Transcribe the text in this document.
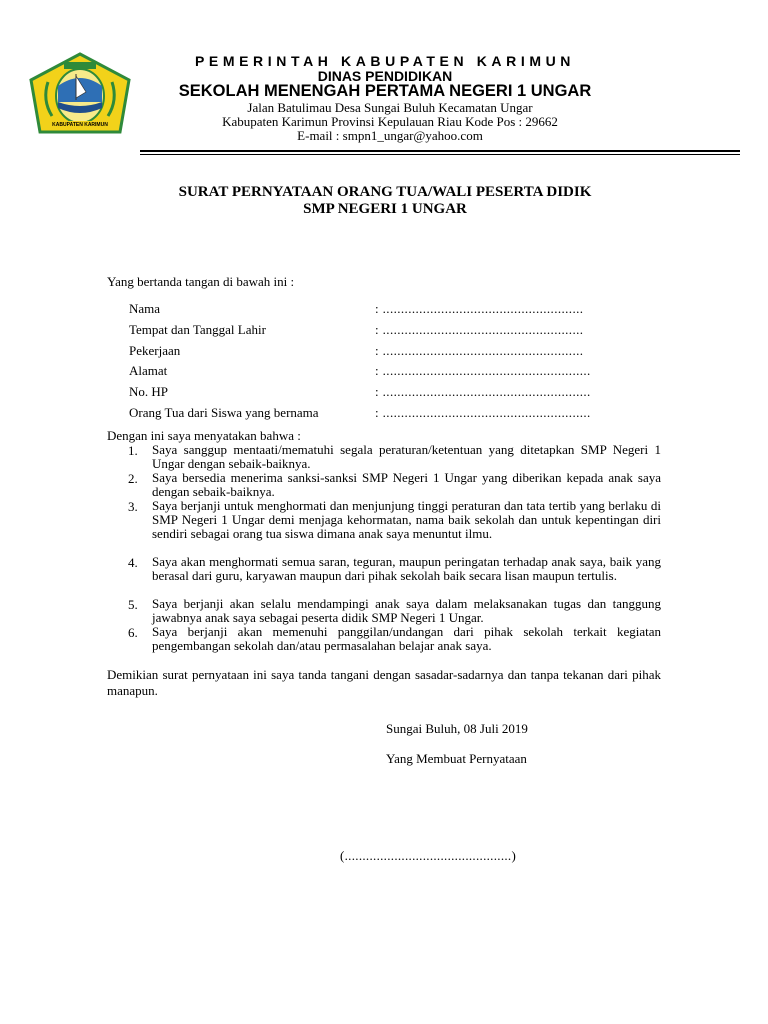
KABUPATEN KARIMUN
PEMERINTAH KABUPATEN KARIMUN
DINAS PENDIDIKAN
SEKOLAH MENENGAH PERTAMA NEGERI 1 UNGAR
Jalan Batulimau Desa Sungai Buluh Kecamatan Ungar
Kabupaten Karimun Provinsi Kepulauan Riau Kode Pos : 29662
E-mail : smpn1_ungar@yahoo.com
SURAT PERNYATAAN ORANG TUA/WALI PESERTA DIDIK
SMP NEGERI 1 UNGAR
Yang bertanda tangan di bawah ini :
Nama	: .......................................................
Tempat dan Tanggal Lahir	: .......................................................
Pekerjaan	: .......................................................
Alamat	: .........................................................
No. HP	: .........................................................
Orang Tua dari Siswa yang bernama	: .........................................................
Dengan ini saya menyatakan bahwa :
1. Saya sanggup mentaati/mematuhi segala peraturan/ketentuan yang ditetapkan SMP Negeri 1 Ungar dengan sebaik-baiknya.
2. Saya bersedia menerima sanksi-sanksi SMP Negeri 1 Ungar yang diberikan kepada anak saya dengan sebaik-baiknya.
3. Saya berjanji untuk menghormati dan menjunjung tinggi peraturan dan tata tertib yang berlaku di SMP Negeri 1 Ungar demi menjaga kehormatan, nama baik sekolah dan untuk kepentingan diri sendiri sebagai orang tua siswa dimana anak saya menuntut ilmu.
4. Saya akan menghormati semua saran, teguran, maupun peringatan terhadap anak saya, baik yang berasal dari guru, karyawan maupun dari pihak sekolah baik secara lisan maupun tertulis.
5. Saya berjanji akan selalu mendampingi anak saya dalam melaksanakan tugas dan tanggung jawabnya anak saya sebagai peserta didik SMP Negeri 1 Ungar.
6. Saya berjanji akan memenuhi panggilan/undangan dari pihak sekolah terkait kegiatan pengembangan sekolah dan/atau permasalahan belajar anak saya.
Demikian surat pernyataan ini saya tanda tangani dengan sasadar-sadarnya dan tanpa tekanan dari pihak manapun.
Sungai Buluh, 08 Juli 2019
Yang Membuat Pernyataan
(...............................................)
